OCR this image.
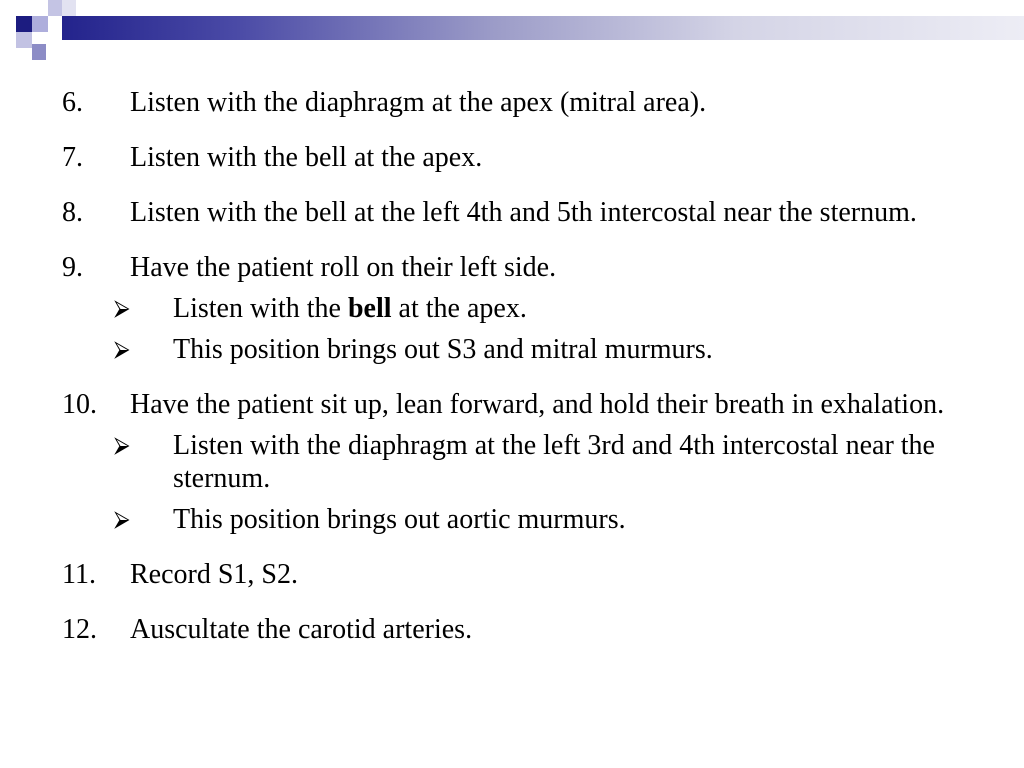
6. Listen with the diaphragm at the apex (mitral area).
7. Listen with the bell at the apex.
8. Listen with the bell at the left 4th and 5th intercostal near the sternum.
9. Have the patient roll on their left side.
⮚ Listen with the bell at the apex.
⮚ This position brings out S3 and mitral murmurs.
10. Have the patient sit up, lean forward, and hold their breath in exhalation.
⮚ Listen with the diaphragm at the left 3rd and 4th intercostal near the sternum.
⮚ This position brings out aortic murmurs.
11. Record S1, S2.
12. Auscultate the carotid arteries.
